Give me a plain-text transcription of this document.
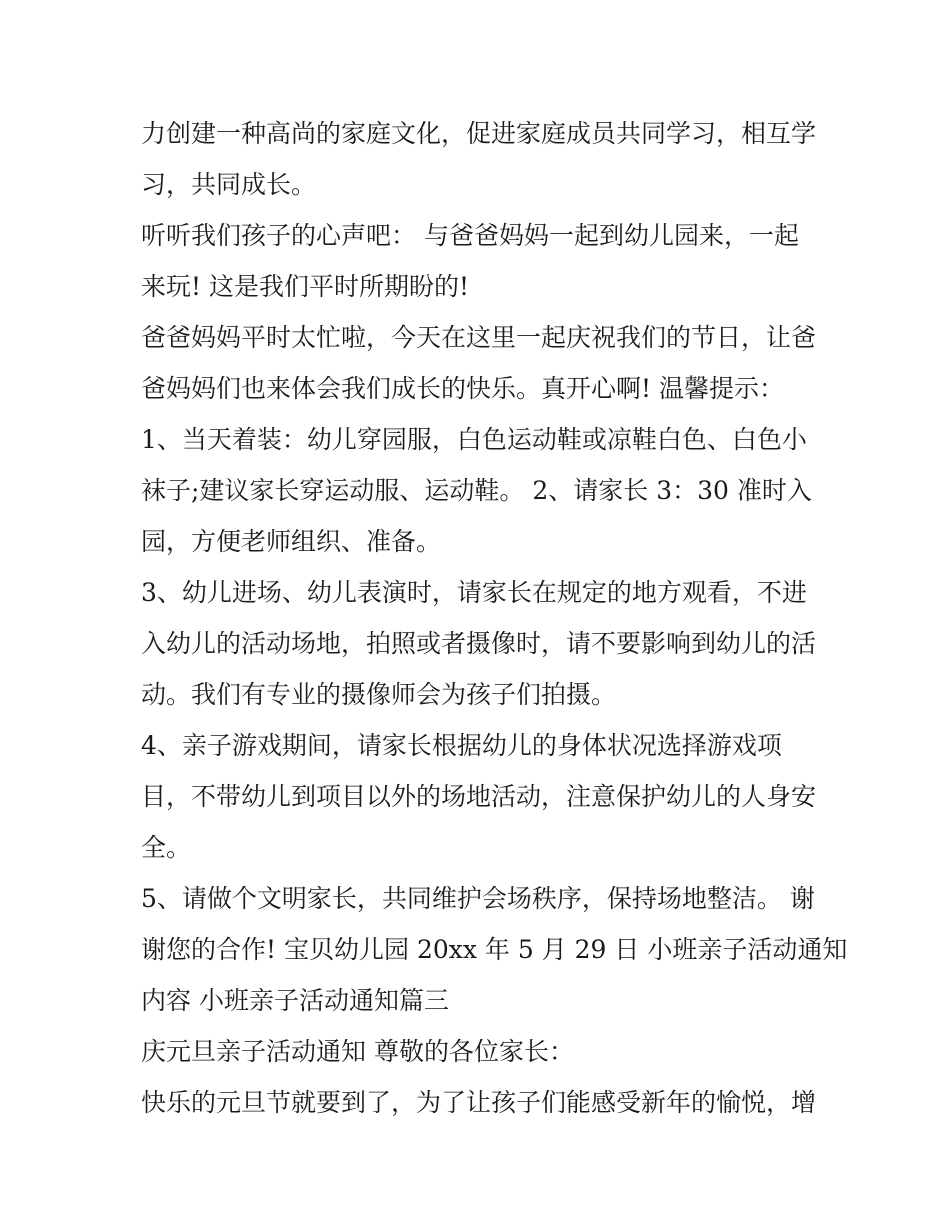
力创建一种高尚的家庭文化，促进家庭成员共同学习，相互学
习，共同成长。
听听我们孩子的心声吧： 与爸爸妈妈一起到幼儿园来，一起
来玩! 这是我们平时所期盼的!
爸爸妈妈平时太忙啦，今天在这里一起庆祝我们的节日，让爸
爸妈妈们也来体会我们成长的快乐。真开心啊! 温馨提示：
1、当天着装：幼儿穿园服，白色运动鞋或凉鞋白色、白色小
袜子;建议家长穿运动服、运动鞋。 2、请家长 3：30 准时入
园，方便老师组织、准备。
3、幼儿进场、幼儿表演时，请家长在规定的地方观看，不进
入幼儿的活动场地，拍照或者摄像时，请不要影响到幼儿的活
动。我们有专业的摄像师会为孩子们拍摄。
4、亲子游戏期间，请家长根据幼儿的身体状况选择游戏项
目，不带幼儿到项目以外的场地活动，注意保护幼儿的人身安
全。
5、请做个文明家长，共同维护会场秩序，保持场地整洁。 谢
谢您的合作! 宝贝幼儿园 20xx 年 5 月 29 日 小班亲子活动通知
内容 小班亲子活动通知篇三
庆元旦亲子活动通知 尊敬的各位家长：
快乐的元旦节就要到了，为了让孩子们能感受新年的愉悦，增
